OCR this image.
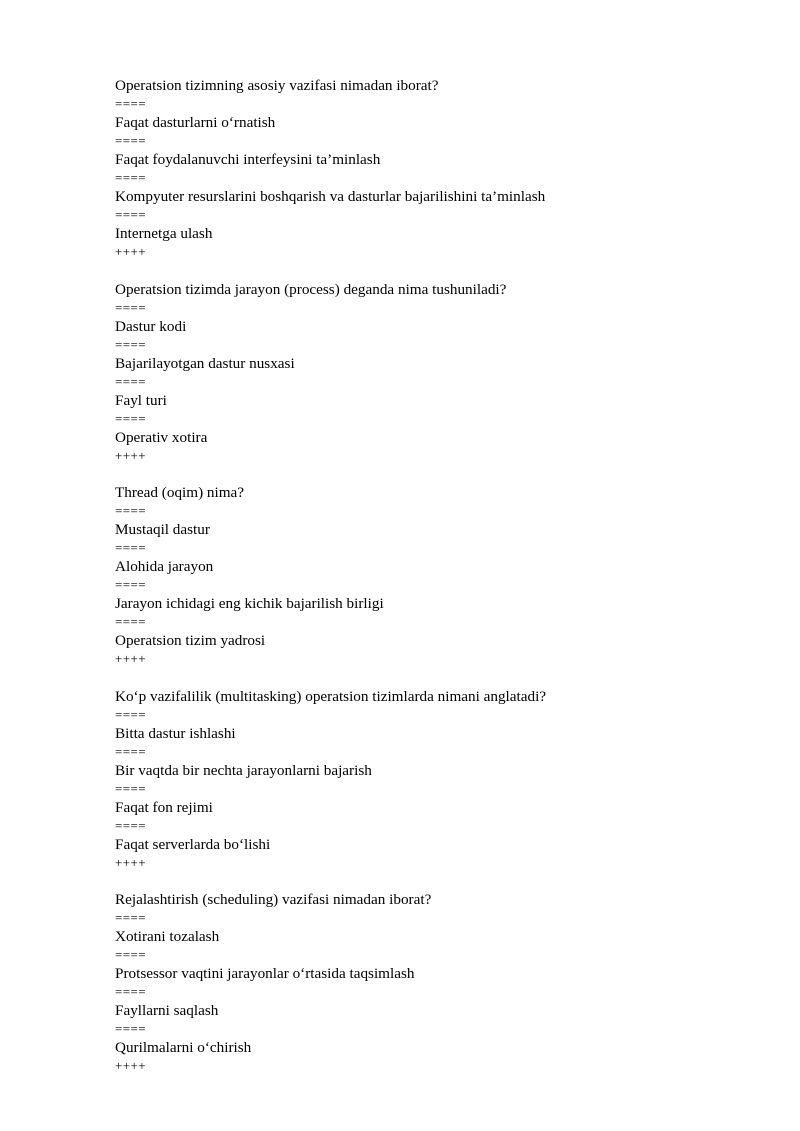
Operatsion tizimning asosiy vazifasi nimadan iborat?
====
Faqat dasturlarni o‘rnatish
====
Faqat foydalanuvchi interfeysini ta’minlash
====
Kompyuter resurslarini boshqarish va dasturlar bajarilishini ta’minlash
====
Internetga ulash
++++
Operatsion tizimda jarayon (process) deganda nima tushuniladi?
====
Dastur kodi
====
Bajarilayotgan dastur nusxasi
====
Fayl turi
====
Operativ xotira
++++
Thread (oqim) nima?
====
Mustaqil dastur
====
Alohida jarayon
====
Jarayon ichidagi eng kichik bajarilish birligi
====
Operatsion tizim yadrosi
++++
Ko‘p vazifalilik (multitasking) operatsion tizimlarda nimani anglatadi?
====
Bitta dastur ishlashi
====
Bir vaqtda bir nechta jarayonlarni bajarish
====
Faqat fon rejimi
====
Faqat serverlarda bo‘lishi
++++
Rejalashtirish (scheduling) vazifasi nimadan iborat?
====
Xotirani tozalash
====
Protsessor vaqtini jarayonlar o‘rtasida taqsimlash
====
Fayllarni saqlash
====
Qurilmalarni o‘chirish
++++
